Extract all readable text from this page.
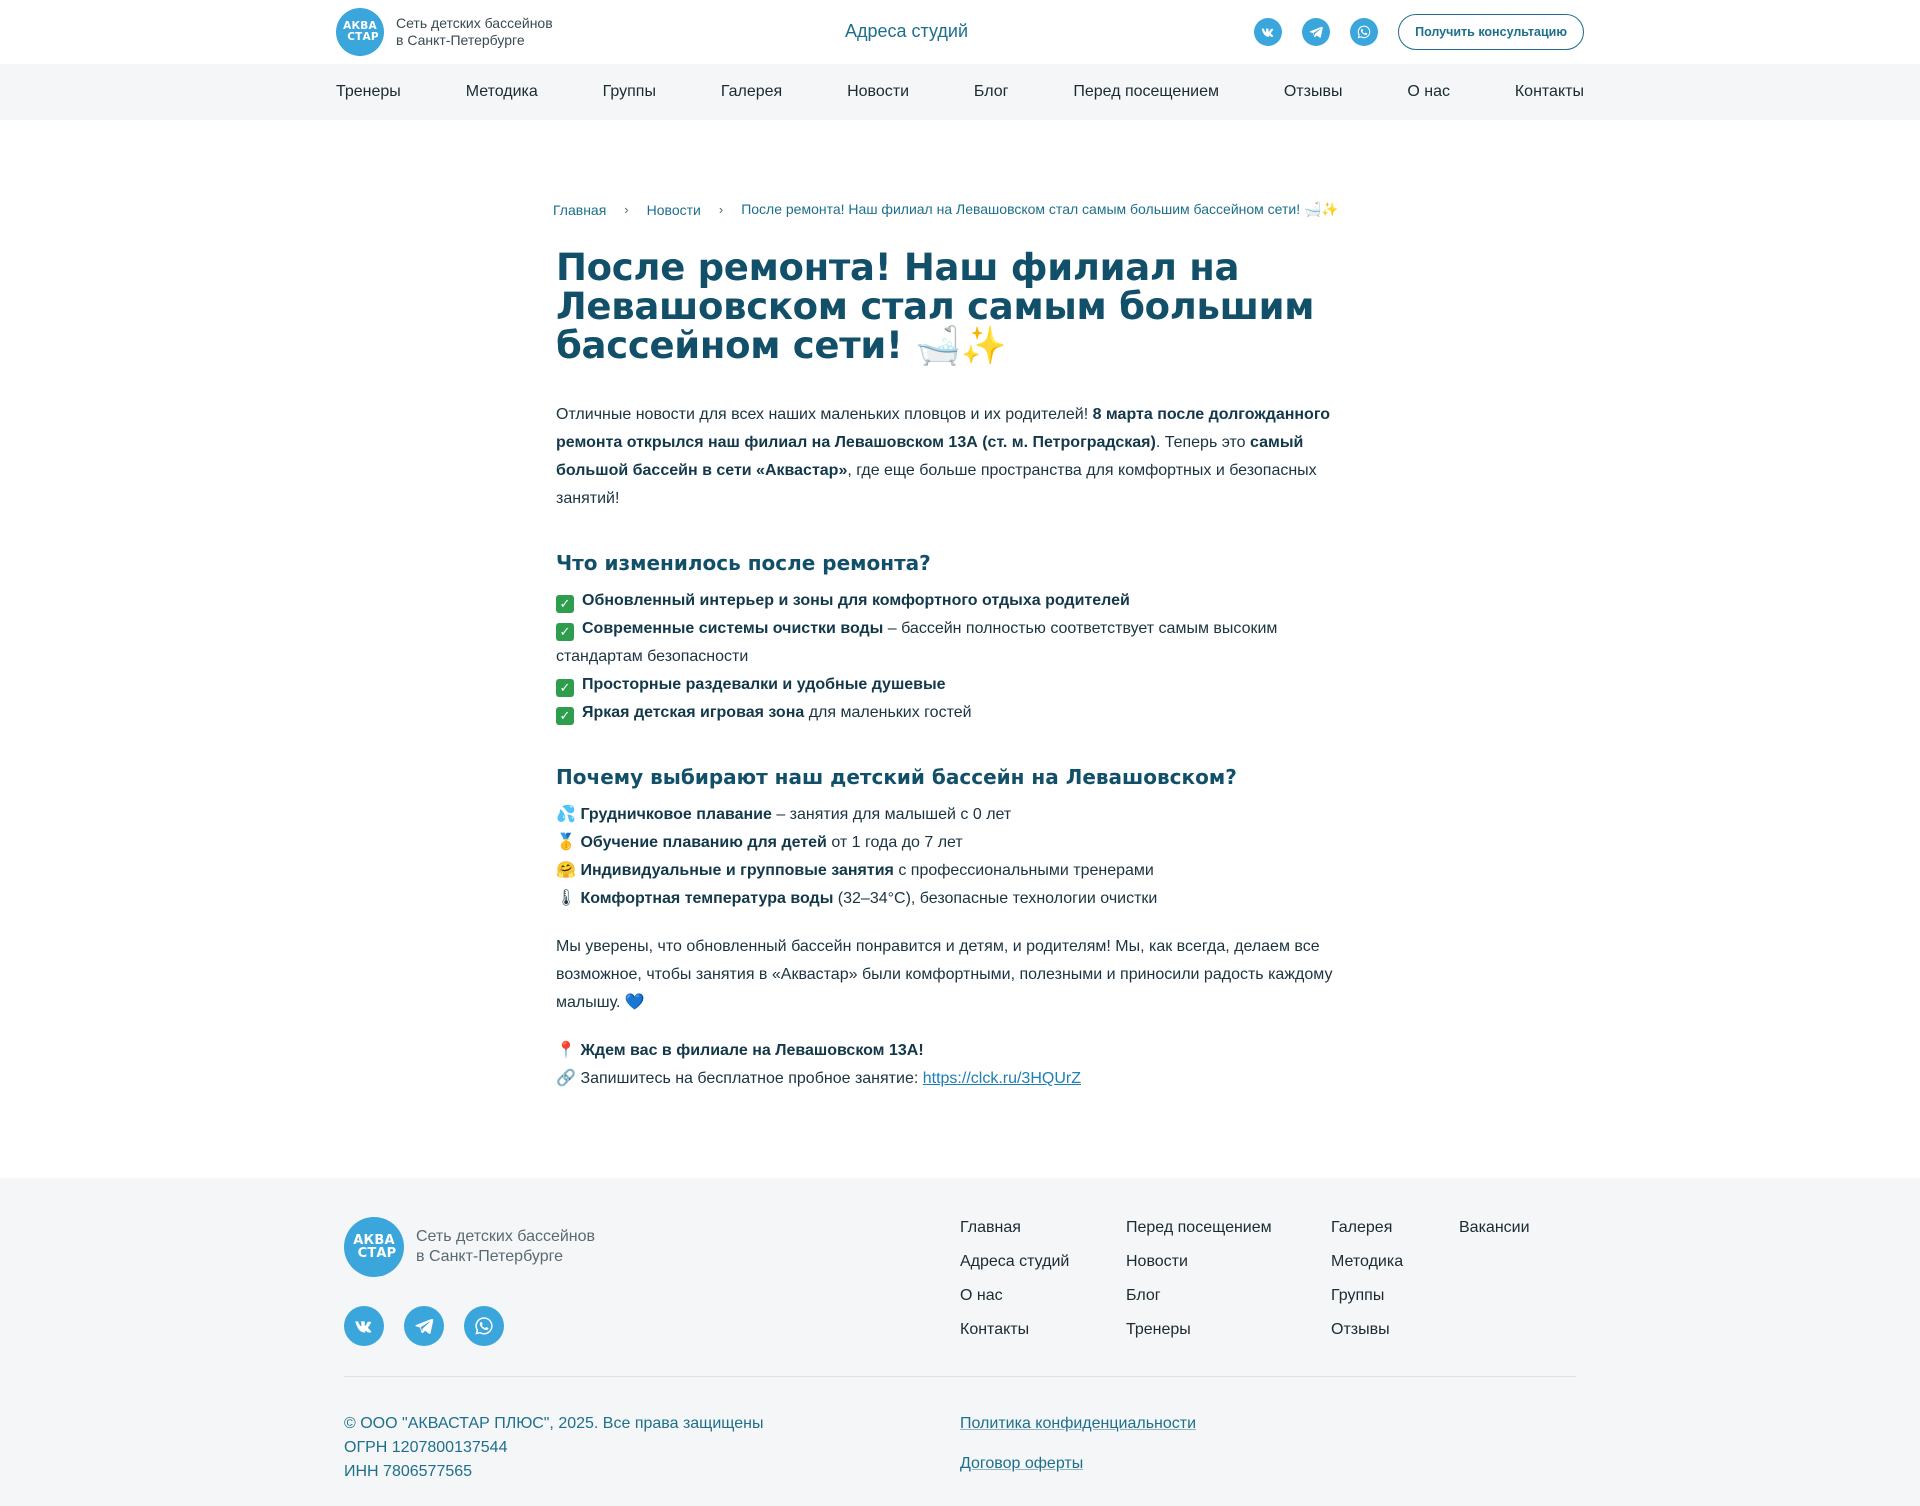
АКВА
СТАР
Сеть детских бассейнов
в Санкт-Петербурге	Адреса студий	Получить консультацию
Тренеры	Методика	Группы	Галерея	Новости	Блог	Перед посещением	Отзывы	О нас	Контакты
Главная › Новости › После ремонта! Наш филиал на Левашовском стал самым большим бассейном сети! 🛁✨
После ремонта! Наш филиал на Левашовском стал самым большим бассейном сети! 🛁✨

Отличные новости для всех наших маленьких пловцов и их родителей! 8 марта после долгожданного ремонта открылся наш филиал на Левашовском 13А (ст. м. Петроградская). Теперь это самый большой бассейн в сети «Аквастар», где еще больше пространства для комфортных и безопасных занятий!

Что изменилось после ремонта?
✓ Обновленный интерьер и зоны для комфортного отдыха родителей
✓ Современные системы очистки воды – бассейн полностью соответствует самым высоким стандартам безопасности
✓ Просторные раздевалки и удобные душевые
✓ Яркая детская игровая зона для маленьких гостей
Почему выбирают наш детский бассейн на Левашовском?
💦 Грудничковое плавание – занятия для малышей с 0 лет
🥇 Обучение плаванию для детей от 1 года до 7 лет
🤗 Индивидуальные и групповые занятия с профессиональными тренерами
🌡 Комфортная температура воды (32–34°C), безопасные технологии очистки

Мы уверены, что обновленный бассейн понравится и детям, и родителям! Мы, как всегда, делаем все возможное, чтобы занятия в «Аквастар» были комфортными, полезными и приносили радость каждому малышу. 💙

📍 Ждем вас в филиале на Левашовском 13А!
🔗 Запишитесь на бесплатное пробное занятие: https://clck.ru/3HQUrZ
АКВА
СТАР
Сеть детских бассейнов
в Санкт-Петербурге
Главная
Адреса студий
О нас
Контакты
Перед посещением
Новости
Блог
Тренеры
Галерея
Методика
Группы
Отзывы
Вакансии
© ООО "АКВАСТАР ПЛЮС", 2025. Все права защищены
ОГРН 1207800137544
ИНН 7806577565
Политика конфиденциальности
Договор оферты
